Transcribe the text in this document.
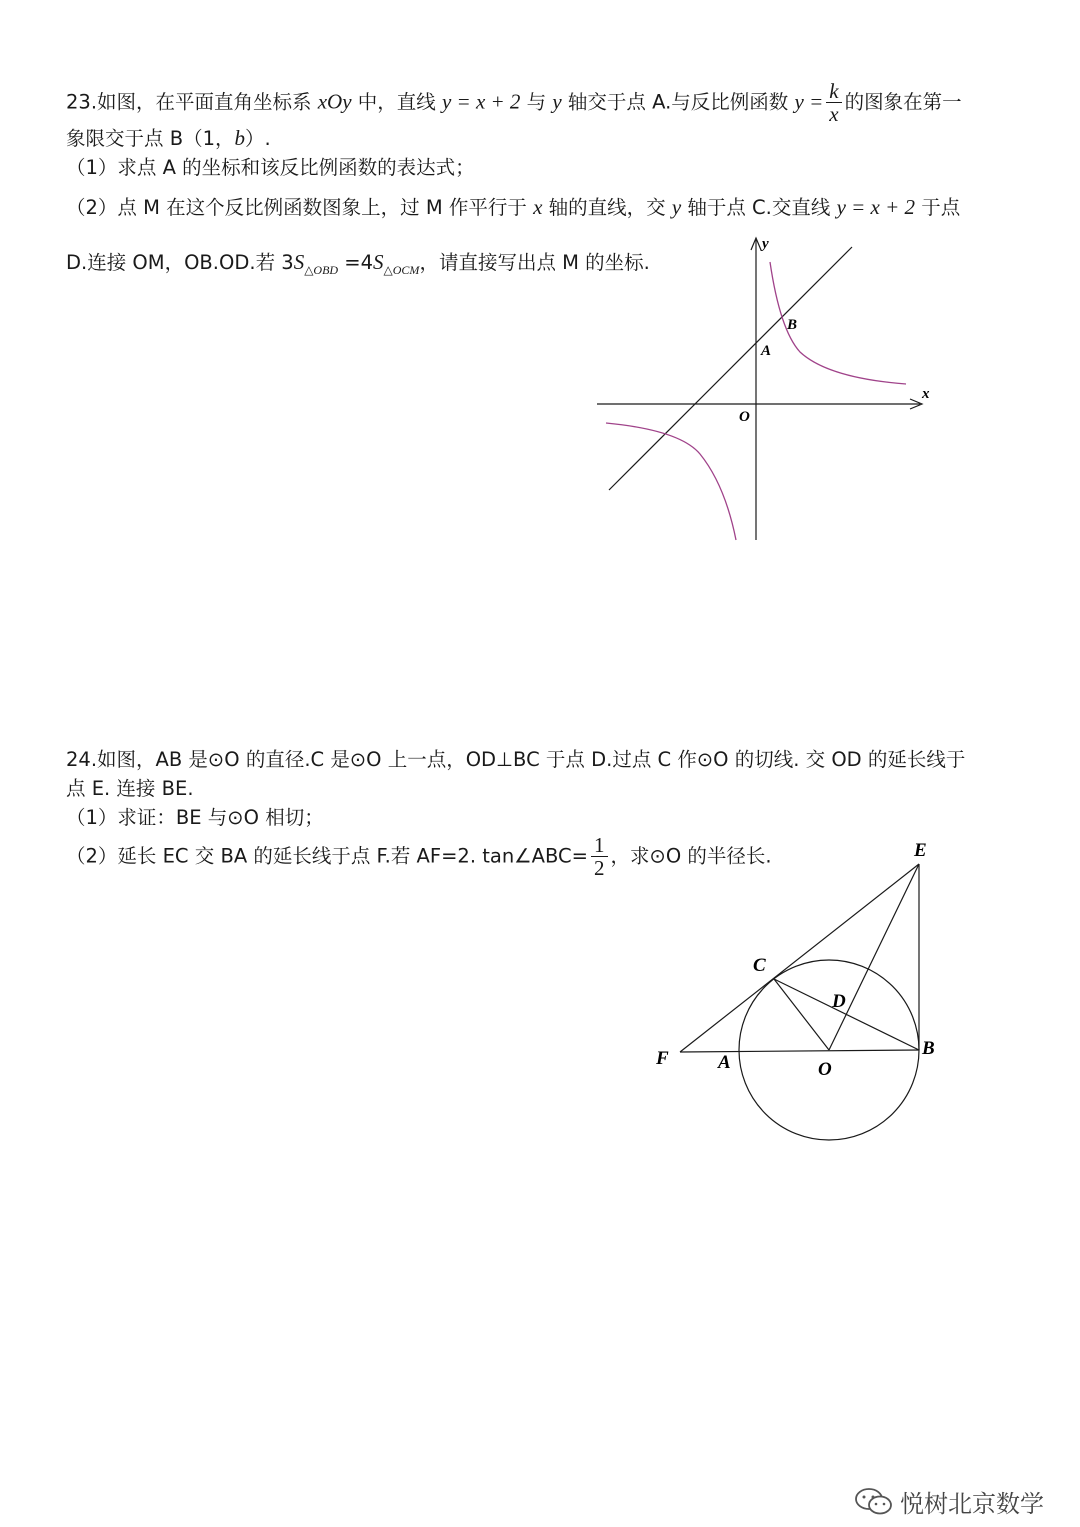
23.如图，在平面直角坐标系 xOy 中，直线 y = x + 2 与 y 轴交于点 A.与反比例函数 $y = \frac{k}{x}$ 的图象在第一
象限交于点 B（1，b）.
（1）求点 A 的坐标和该反比例函数的表达式；
（2）点 M 在这个反比例函数图象上，过 M 作平行于 x 轴的直线，交 y 轴于点 C.交直线 y = x + 2 于点
D.连接 OM，OB.OD.若 $3S_{\triangle OBD} =4S_{\triangle OCM}$，请直接写出点 M 的坐标.
y
x
B
A
O
24.如图，AB 是⊙O 的直径.C 是⊙O 上一点，OD⊥BC 于点 D.过点 C 作⊙O 的切线. 交 OD 的延长线于
点 E. 连接 BE.
（1）求证：BE 与⊙O 相切；
（2）延长 EC 交 BA 的延长线于点 F.若 AF=2. tan∠ABC= $\frac{1}{2}$ ，求⊙O 的半径长.	E
C
D
F	A	O
B
悦树北京数学
